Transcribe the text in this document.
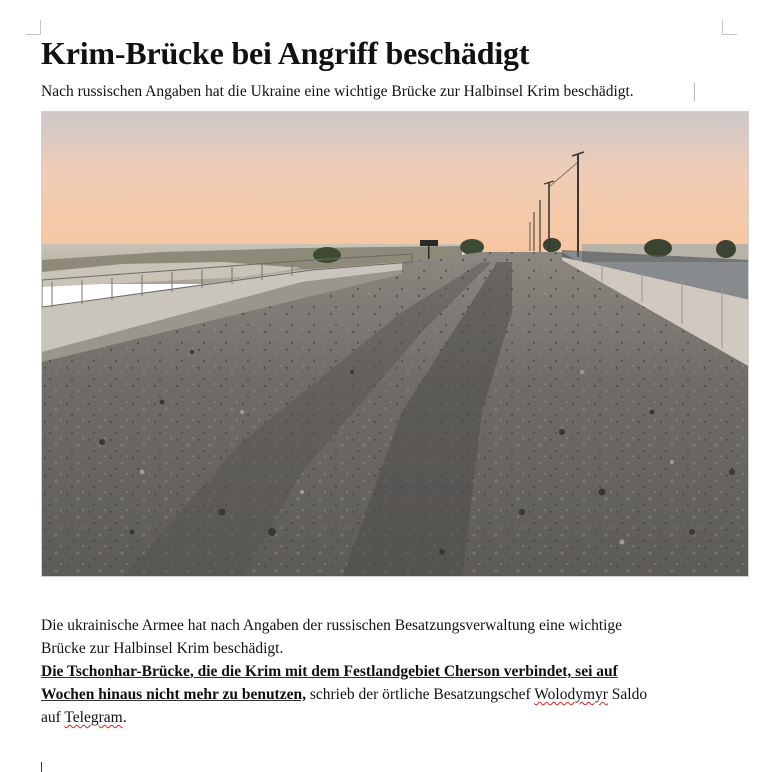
Krim-Brücke bei Angriff beschädigt

Nach russischen Angaben hat die Ukraine eine wichtige Brücke zur Halbinsel Krim beschädigt.

Die ukrainische Armee hat nach Angaben der russischen Besatzungsverwaltung eine wichtige
Brücke zur Halbinsel Krim beschädigt.

Die Tschonhar-Brücke, die die Krim mit dem Festlandgebiet Cherson verbindet, sei auf
Wochen hinaus nicht mehr zu benutzen, schrieb der örtliche Besatzungschef Wolodymyr Saldo
auf Telegram.
